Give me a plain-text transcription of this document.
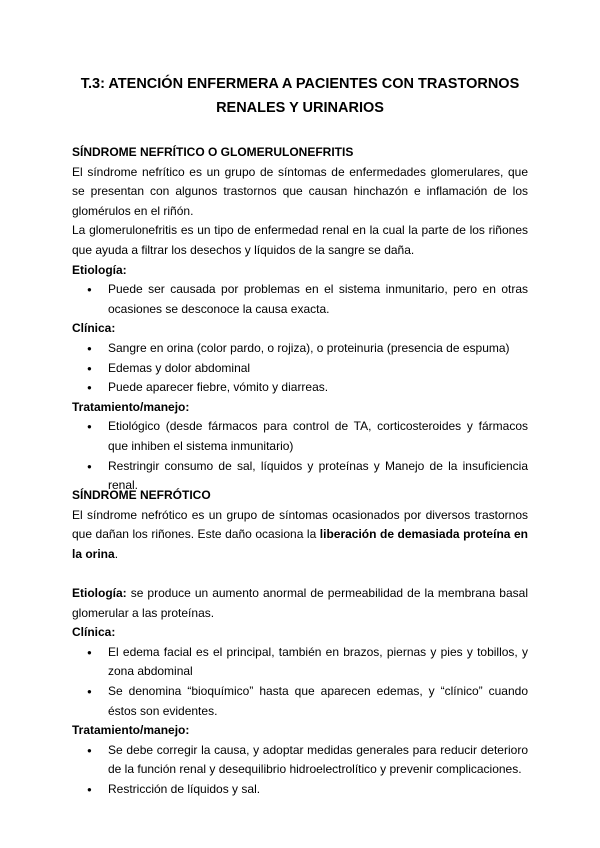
T.3: ATENCIÓN ENFERMERA A PACIENTES CON TRASTORNOS
RENALES Y URINARIOS
SÍNDROME NEFRÍTICO O GLOMERULONEFRITIS
El síndrome nefrítico es un grupo de síntomas de enfermedades glomerulares, que se presentan con algunos trastornos que causan hinchazón e inflamación de los glomérulos en el riñón.
La glomerulonefritis es un tipo de enfermedad renal en la cual la parte de los riñones que ayuda a filtrar los desechos y líquidos de la sangre se daña.
Etiología:
● Puede ser causada por problemas en el sistema inmunitario, pero en otras ocasiones se desconoce la causa exacta.
Clínica:
● Sangre en orina (color pardo, o rojiza), o proteinuria (presencia de espuma)
● Edemas y dolor abdominal
● Puede aparecer fiebre, vómito y diarreas.
Tratamiento/manejo:
● Etiológico (desde fármacos para control de TA, corticosteroides y fármacos que inhiben el sistema inmunitario)
● Restringir consumo de sal, líquidos y proteínas y Manejo de la insuficiencia renal.
SÍNDROME NEFRÓTICO
El síndrome nefrótico es un grupo de síntomas ocasionados por diversos trastornos que dañan los riñones. Este daño ocasiona la liberación de demasiada proteína en la orina.
Etiología: se produce un aumento anormal de permeabilidad de la membrana basal glomerular a las proteínas.
Clínica:
● El edema facial es el principal, también en brazos, piernas y pies y tobillos, y zona abdominal
● Se denomina “bioquímico” hasta que aparecen edemas, y “clínico” cuando éstos son evidentes.
Tratamiento/manejo:
● Se debe corregir la causa, y adoptar medidas generales para reducir deterioro de la función renal y desequilibrio hidroelectrolítico y prevenir complicaciones.
● Restricción de líquidos y sal.
